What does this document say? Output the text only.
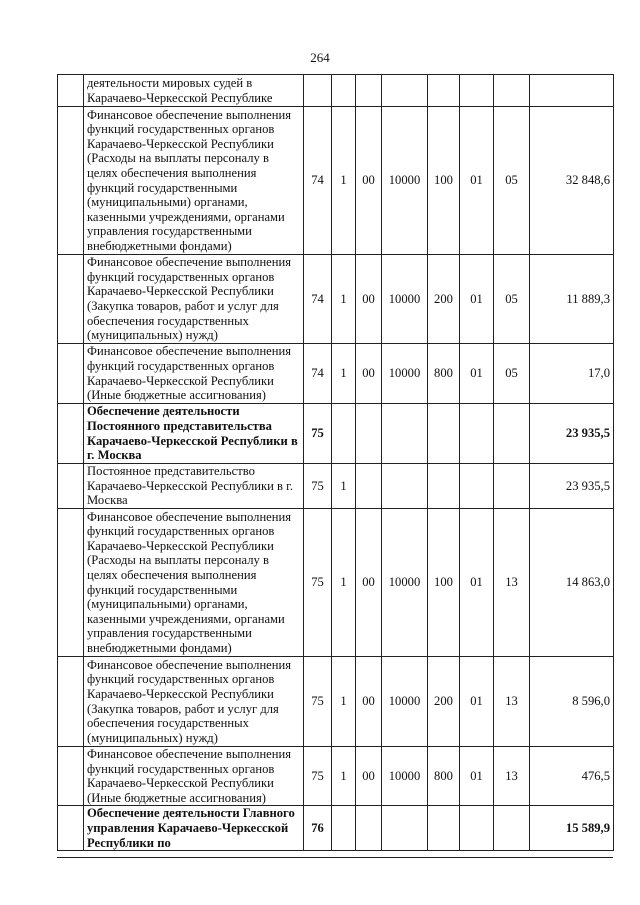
264
	деятельности мировых судей в Карачаево-Черкесской Республике								
	Финансовое обеспечение выполнения функций государственных органов Карачаево-Черкесской Республики (Расходы на выплаты персоналу в целях обеспечения выполнения функций государственными (муниципальными) органами, казенными учреждениями, органами управления государственными внебюджетными фондами)	74	1	00	10000	100	01	05	32 848,6
	Финансовое обеспечение выполнения функций государственных органов Карачаево-Черкесской Республики (Закупка товаров, работ и услуг для обеспечения государственных (муниципальных) нужд)	74	1	00	10000	200	01	05	11 889,3
	Финансовое обеспечение выполнения функций государственных органов Карачаево-Черкесской Республики (Иные бюджетные ассигнования)	74	1	00	10000	800	01	05	17,0
	Обеспечение деятельности Постоянного представительства Карачаево-Черкесской Республики в г. Москва	75							23 935,5
	Постоянное представительство Карачаево-Черкесской Республики в г. Москва	75	1						23 935,5
	Финансовое обеспечение выполнения функций государственных органов Карачаево-Черкесской Республики (Расходы на выплаты персоналу в целях обеспечения выполнения функций государственными (муниципальными) органами, казенными учреждениями, органами управления государственными внебюджетными фондами)	75	1	00	10000	100	01	13	14 863,0
	Финансовое обеспечение выполнения функций государственных органов Карачаево-Черкесской Республики (Закупка товаров, работ и услуг для обеспечения государственных (муниципальных) нужд)	75	1	00	10000	200	01	13	8 596,0
	Финансовое обеспечение выполнения функций государственных органов Карачаево-Черкесской Республики (Иные бюджетные ассигнования)	75	1	00	10000	800	01	13	476,5
	Обеспечение деятельности Главного управления Карачаево-Черкесской Республики по	76							15 589,9
